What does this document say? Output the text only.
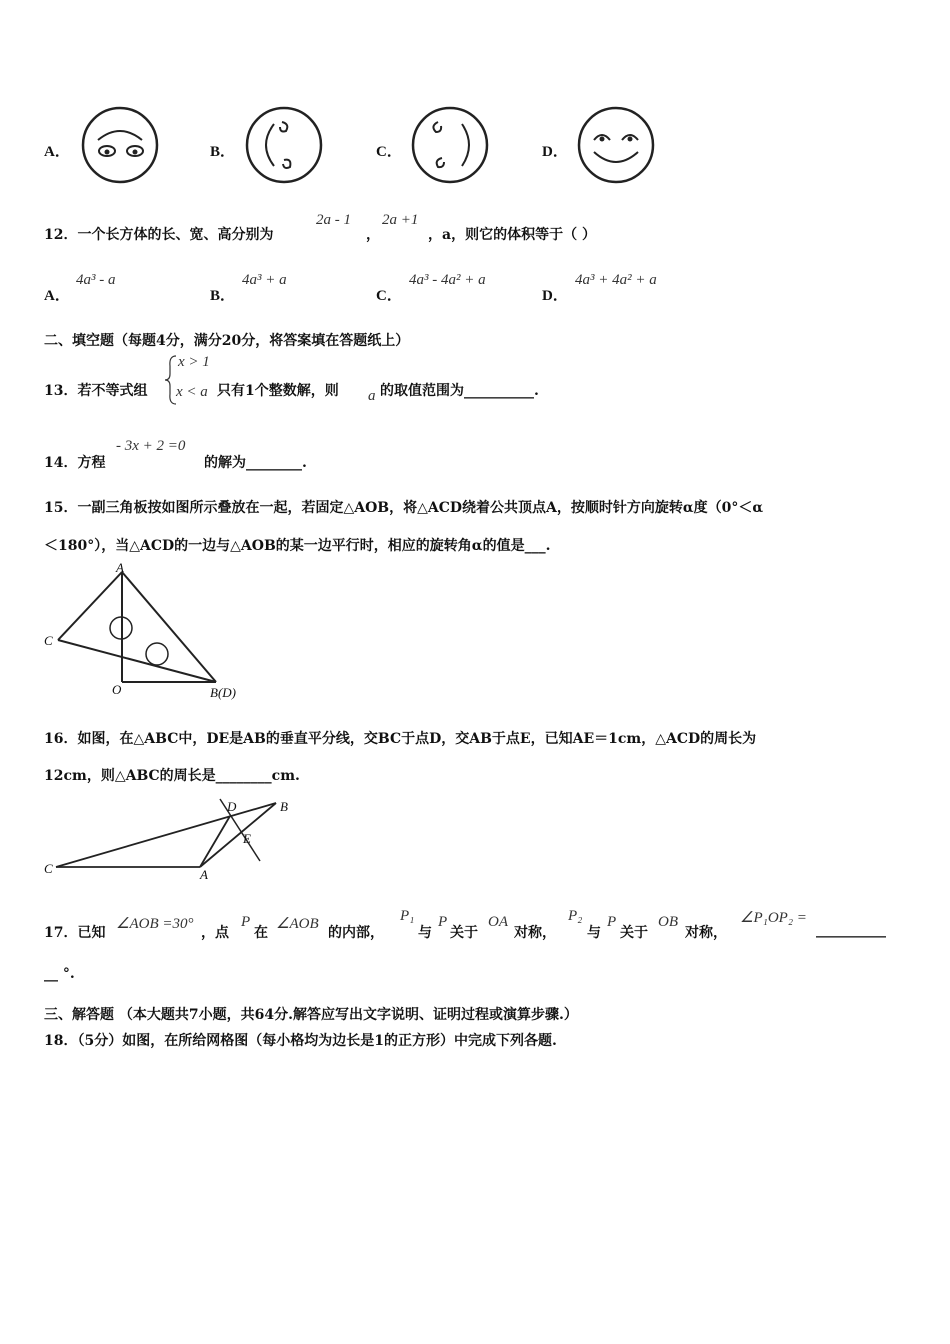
A．	B．	C．	D．
12．一个长方体的长、宽、高分别为
2a - 1
，
2a +1
，a，则它的体积等于（ ）
A．
4a³ - a
B．
4a³ + a
C．
4a³ - 4a² + a
D．
4a³ + 4a² + a
二、填空题（每题4分，满分20分，将答案填在答题纸上）
13．若不等式组
x > 1
x < a 只有1个整数解，则 a 的取值范围为__________.
14．方程
- 3x + 2 =0
的解为________.
15．一副三角板按如图所示叠放在一起，若固定△AOB，将△ACD绕着公共顶点A，按顺时针方向旋转α度（0°＜α
＜180°），当△ACD的一边与△AOB的某一边平行时，相应的旋转角α的值是___.
A
C
O	B(D)
16．如图，在△ABC中，DE是AB的垂直平分线，交BC于点D，交AB于点E，已知AE＝1cm，△ACD的周长为
12cm，则△ABC的周长是________cm.
C	A
D	B
E
17．已知
∠AOB =30°
，点
P
在
∠AOB
的内部，
P₁
与
P
关于
OA
对称，
P₂
与
P
关于
OB
对称，
∠P₁OP₂ =
__________
__ °.
三、解答题 （本大题共7小题，共64分.解答应写出文字说明、证明过程或演算步骤.）
18．（5分）如图，在所给网格图（每小格均为边长是1的正方形）中完成下列各题.
